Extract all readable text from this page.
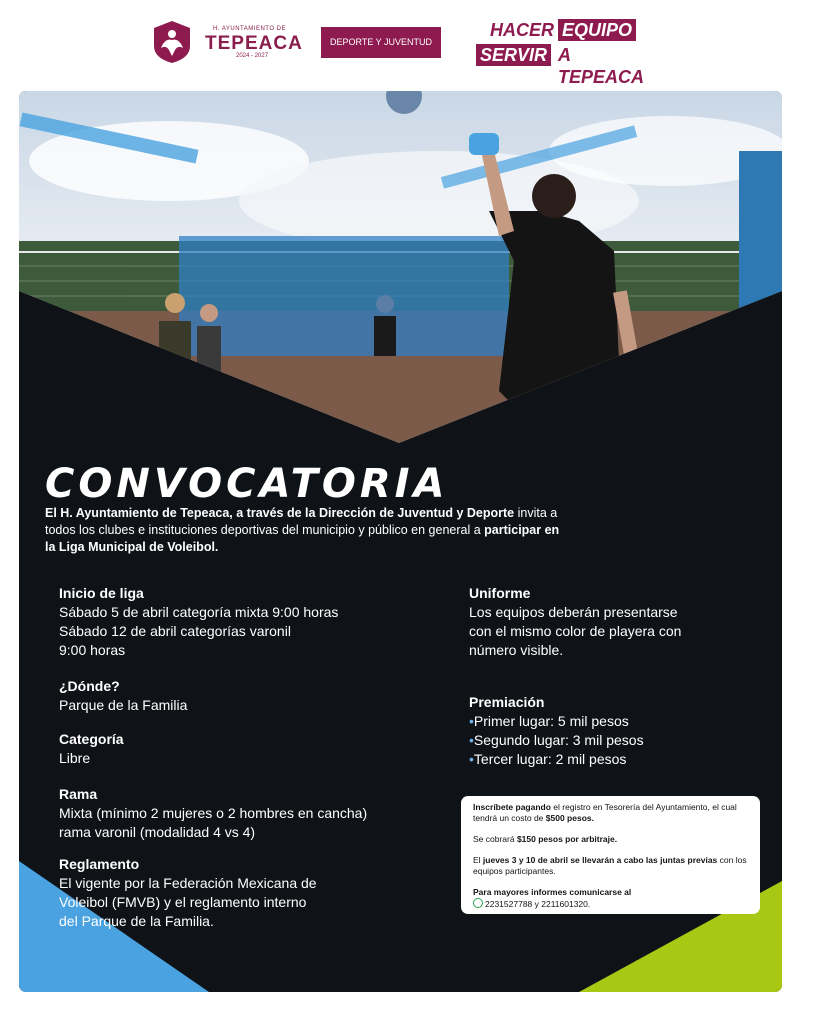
H. AYUNTAMIENTO DE
TEPEACA
2024 - 2027
DEPORTE Y JUVENTUD
HACER EQUIPO
SERVIR A TEPEACA
CONVOCATORIA
El H. Ayuntamiento de Tepeaca, a través de la Dirección de Juventud y Deporte invita a todos los clubes e instituciones deportivas del municipio y público en general a participar en la Liga Municipal de Voleibol.
Inicio de liga
Sábado 5 de abril categoría mixta 9:00 horas
Sábado 12 de abril categorías varonil
9:00 horas
¿Dónde?
Parque de la Familia
Categoría
Libre
Rama
Mixta (mínimo 2 mujeres o 2 hombres en cancha)
rama varonil (modalidad 4 vs 4)
Reglamento
El vigente por la Federación Mexicana de
Voleibol (FMVB) y el reglamento interno
del Parque de la Familia.
Uniforme
Los equipos deberán presentarse
con el mismo color de playera con
número visible.
Premiación
• Primer lugar: 5 mil pesos
• Segundo lugar: 3 mil pesos
• Tercer lugar: 2 mil pesos

Inscríbete pagando el registro en Tesorería del Ayuntamiento, el cual tendrá un costo de $500 pesos.

Se cobrará $150 pesos por arbitraje.

El jueves 3 y 10 de abril se llevarán a cabo las juntas previas con los equipos participantes.

Para mayores informes comunicarse al
2231527788 y 2211601320.
